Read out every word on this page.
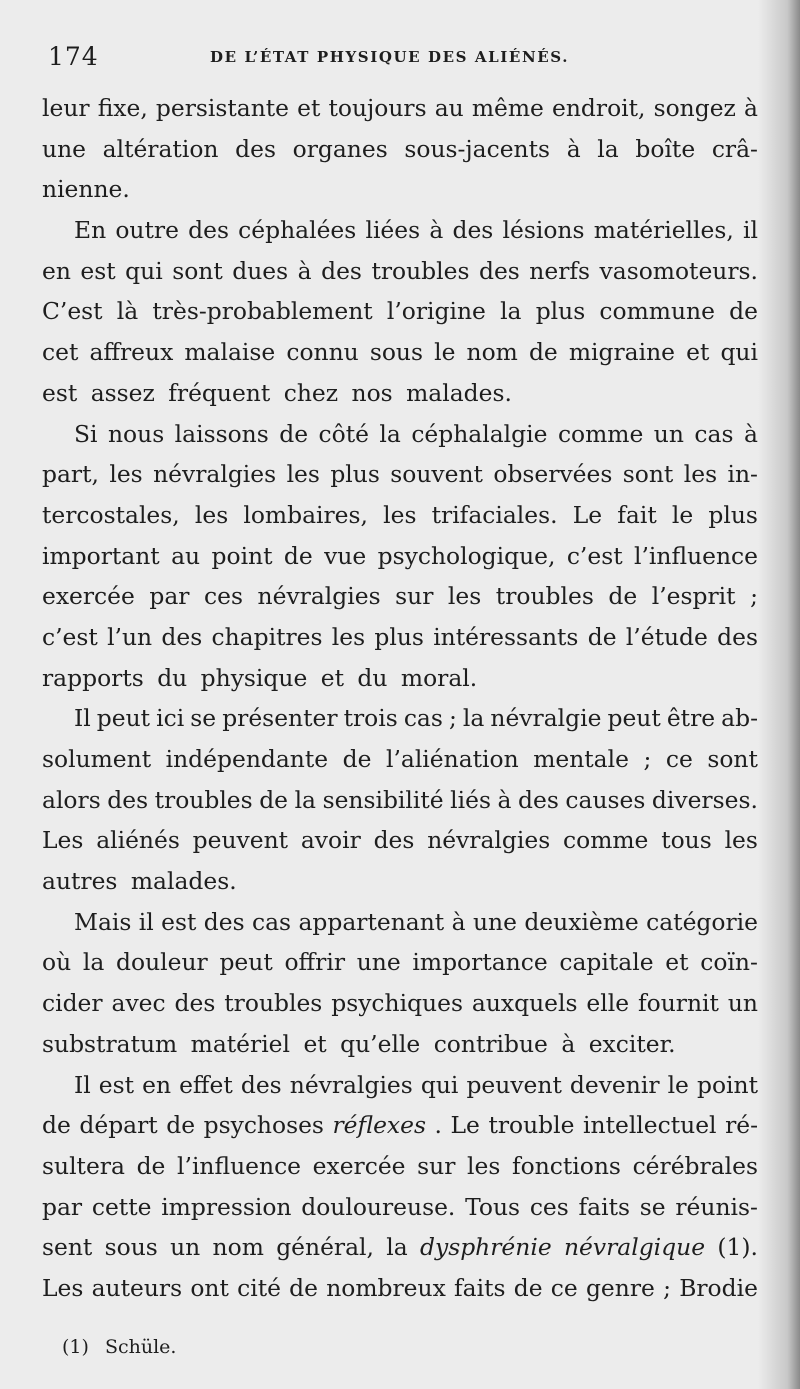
174	DE L’ÉTAT PHYSIQUE DES ALIÉNÉS.
leur fixe, persistante et toujours au même endroit, songez à
une altération des organes sous-jacents à la boîte crâ-
nienne.
En outre des céphalées liées à des lésions matérielles, il
en est qui sont dues à des troubles des nerfs vasomoteurs.
C’est là très-probablement l’origine la plus commune de
cet affreux malaise connu sous le nom de migraine et qui
est assez fréquent chez nos malades.
Si nous laissons de côté la céphalalgie comme un cas à
part, les névralgies les plus souvent observées sont les in-
tercostales, les lombaires, les trifaciales. Le fait le plus
important au point de vue psychologique, c’est l’influence
exercée par ces névralgies sur les troubles de l’esprit ;
c’est l’un des chapitres les plus intéressants de l’étude des
rapports du physique et du moral.
Il peut ici se présenter trois cas ; la névralgie peut être ab-
solument indépendante de l’aliénation mentale ; ce sont
alors des troubles de la sensibilité liés à des causes diverses.
Les aliénés peuvent avoir des névralgies comme tous les
autres malades.
Mais il est des cas appartenant à une deuxième catégorie
où la douleur peut offrir une importance capitale et coïn-
cider avec des troubles psychiques auxquels elle fournit un
substratum matériel et qu’elle contribue à exciter.
Il est en effet des névralgies qui peuvent devenir le point
de départ de psychoses réflexes . Le trouble intellectuel ré-
sultera de l’influence exercée sur les fonctions cérébrales
par cette impression douloureuse. Tous ces faits se réunis-
sent sous un nom général, la dysphrénie névralgique (1).
Les auteurs ont cité de nombreux faits de ce genre ; Brodie
(1) Schüle.
